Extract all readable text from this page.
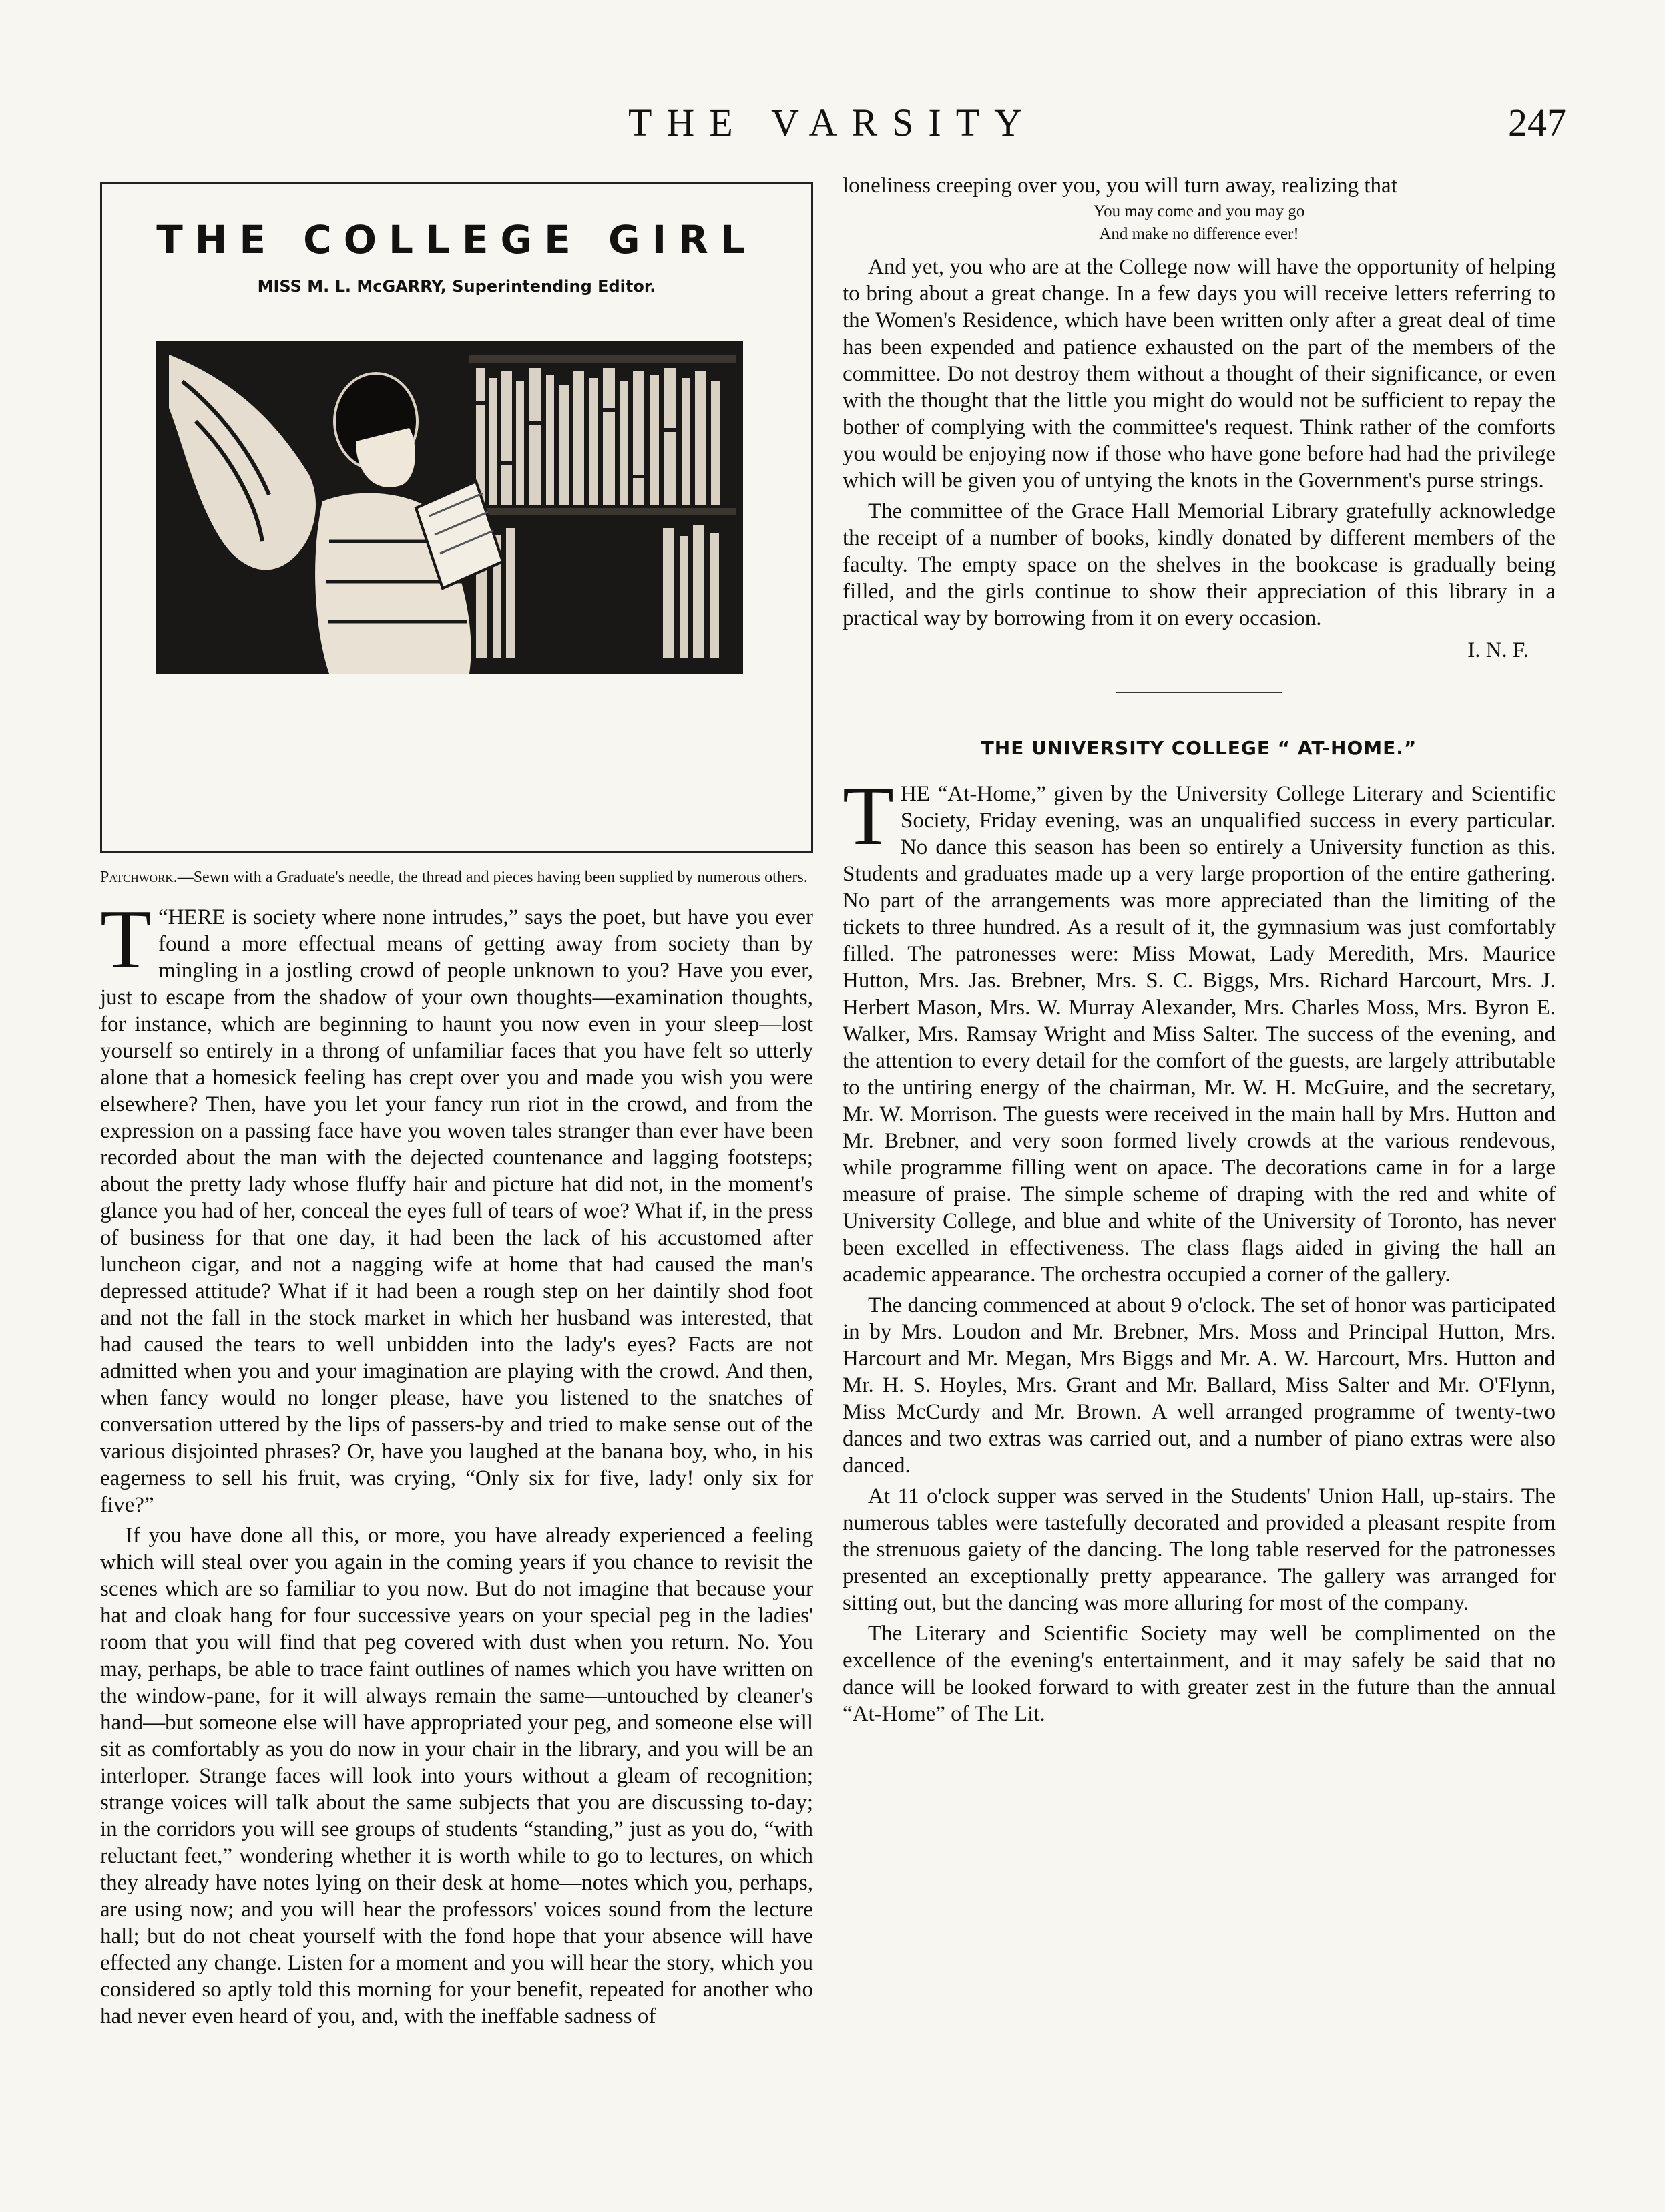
THE VARSITY	247
THE COLLEGE GIRL
MISS M. L. McGARRY, Superintending Editor.

Patchwork.—Sewn with a Graduate's needle, the thread and pieces having been supplied by numerous others.

T “HERE is society where none intrudes,” says the poet, but have you ever found a more effectual means of getting away from society than by mingling in a jostling crowd of people unknown to you? Have you ever, just to escape from the shadow of your own thoughts—examination thoughts, for instance, which are beginning to haunt you now even in your sleep—lost yourself so entirely in a throng of unfamiliar faces that you have felt so utterly alone that a homesick feeling has crept over you and made you wish you were elsewhere? Then, have you let your fancy run riot in the crowd, and from the expression on a passing face have you woven tales stranger than ever have been recorded about the man with the dejected countenance and lagging footsteps; about the pretty lady whose fluffy hair and picture hat did not, in the moment's glance you had of her, conceal the eyes full of tears of woe? What if, in the press of business for that one day, it had been the lack of his accustomed after luncheon cigar, and not a nagging wife at home that had caused the man's depressed attitude? What if it had been a rough step on her daintily shod foot and not the fall in the stock market in which her husband was interested, that had caused the tears to well unbidden into the lady's eyes? Facts are not admitted when you and your imagination are playing with the crowd. And then, when fancy would no longer please, have you listened to the snatches of conversation uttered by the lips of passers-by and tried to make sense out of the various disjointed phrases? Or, have you laughed at the banana boy, who, in his eagerness to sell his fruit, was crying, “Only six for five, lady! only six for five?”

If you have done all this, or more, you have already experienced a feeling which will steal over you again in the coming years if you chance to revisit the scenes which are so familiar to you now. But do not imagine that because your hat and cloak hang for four successive years on your special peg in the ladies' room that you will find that peg covered with dust when you return. No. You may, perhaps, be able to trace faint outlines of names which you have written on the window-pane, for it will always remain the same—untouched by cleaner's hand—but someone else will have appropriated your peg, and someone else will sit as comfortably as you do now in your chair in the library, and you will be an interloper. Strange faces will look into yours without a gleam of recognition; strange voices will talk about the same subjects that you are discussing to-day; in the corridors you will see groups of students “standing,” just as you do, “with reluctant feet,” wondering whether it is worth while to go to lectures, on which they already have notes lying on their desk at home—notes which you, perhaps, are using now; and you will hear the professors' voices sound from the lecture hall; but do not cheat yourself with the fond hope that your absence will have effected any change. Listen for a moment and you will hear the story, which you considered so aptly told this morning for your benefit, repeated for another who had never even heard of you, and, with the ineffable sadness of

loneliness creeping over you, you will turn away, realizing that

You may come and you may go
And make no difference ever!

And yet, you who are at the College now will have the opportunity of helping to bring about a great change. In a few days you will receive letters referring to the Women's Residence, which have been written only after a great deal of time has been expended and patience exhausted on the part of the members of the committee. Do not destroy them without a thought of their significance, or even with the thought that the little you might do would not be sufficient to repay the bother of complying with the committee's request. Think rather of the comforts you would be enjoying now if those who have gone before had had the privilege which will be given you of untying the knots in the Government's purse strings.

The committee of the Grace Hall Memorial Library gratefully acknowledge the receipt of a number of books, kindly donated by different members of the faculty. The empty space on the shelves in the bookcase is gradually being filled, and the girls continue to show their appreciation of this library in a practical way by borrowing from it on every occasion.

I. N. F.
THE UNIVERSITY COLLEGE “ AT-HOME.”

THE “At-Home,” given by the University College Literary and Scientific Society, Friday evening, was an unqualified success in every particular. No dance this season has been so entirely a University function as this. Students and graduates made up a very large proportion of the entire gathering. No part of the arrangements was more appreciated than the limiting of the tickets to three hundred. As a result of it, the gymnasium was just comfortably filled. The patronesses were: Miss Mowat, Lady Meredith, Mrs. Maurice Hutton, Mrs. Jas. Brebner, Mrs. S. C. Biggs, Mrs. Richard Harcourt, Mrs. J. Herbert Mason, Mrs. W. Murray Alexander, Mrs. Charles Moss, Mrs. Byron E. Walker, Mrs. Ramsay Wright and Miss Salter. The success of the evening, and the attention to every detail for the comfort of the guests, are largely attributable to the untiring energy of the chairman, Mr. W. H. McGuire, and the secretary, Mr. W. Morrison. The guests were received in the main hall by Mrs. Hutton and Mr. Brebner, and very soon formed lively crowds at the various rendevous, while programme filling went on apace. The decorations came in for a large measure of praise. The simple scheme of draping with the red and white of University College, and blue and white of the University of Toronto, has never been excelled in effectiveness. The class flags aided in giving the hall an academic appearance. The orchestra occupied a corner of the gallery.

The dancing commenced at about 9 o'clock. The set of honor was participated in by Mrs. Loudon and Mr. Brebner, Mrs. Moss and Principal Hutton, Mrs. Harcourt and Mr. Megan, Mrs Biggs and Mr. A. W. Harcourt, Mrs. Hutton and Mr. H. S. Hoyles, Mrs. Grant and Mr. Ballard, Miss Salter and Mr. O'Flynn, Miss McCurdy and Mr. Brown. A well arranged programme of twenty-two dances and two extras was carried out, and a number of piano extras were also danced.

At 11 o'clock supper was served in the Students' Union Hall, up-stairs. The numerous tables were tastefully decorated and provided a pleasant respite from the strenuous gaiety of the dancing. The long table reserved for the patronesses presented an exceptionally pretty appearance. The gallery was arranged for sitting out, but the dancing was more alluring for most of the company.

The Literary and Scientific Society may well be complimented on the excellence of the evening's entertainment, and it may safely be said that no dance will be looked forward to with greater zest in the future than the annual “At-Home” of The Lit.
